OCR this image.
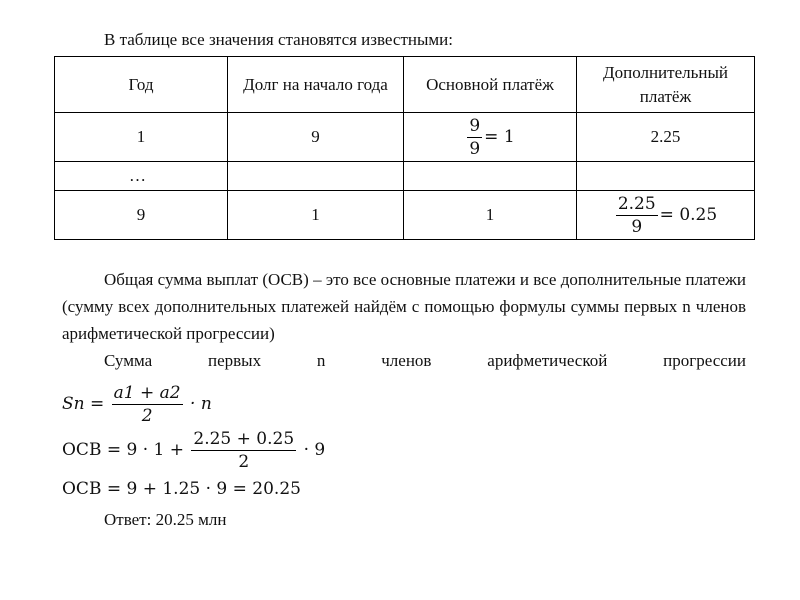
В таблице все значения становятся известными:
Год	Долг на начало года	Основной платёж	Дополнительный платёж
1	9	$\frac{9}{9} = 1$	2.25
…			
9	1	1	$\frac{2.25}{9} = 0.25$
Общая сумма выплат (ОСВ) – это все основные платежи и все дополнительные платежи (сумму всех дополнительных платежей найдём с помощью формулы суммы первых n членов арифметической прогрессии)
Сумма первых n членов арифметической прогрессии
$Sn = \frac{a1 + a2}{2} \cdot n$
ОСВ = $9 \cdot 1 + \frac{2.25 + 0.25}{2} \cdot 9$
ОСВ = 9 + 1.25 · 9 = 20.25
Ответ: 20.25 млн
